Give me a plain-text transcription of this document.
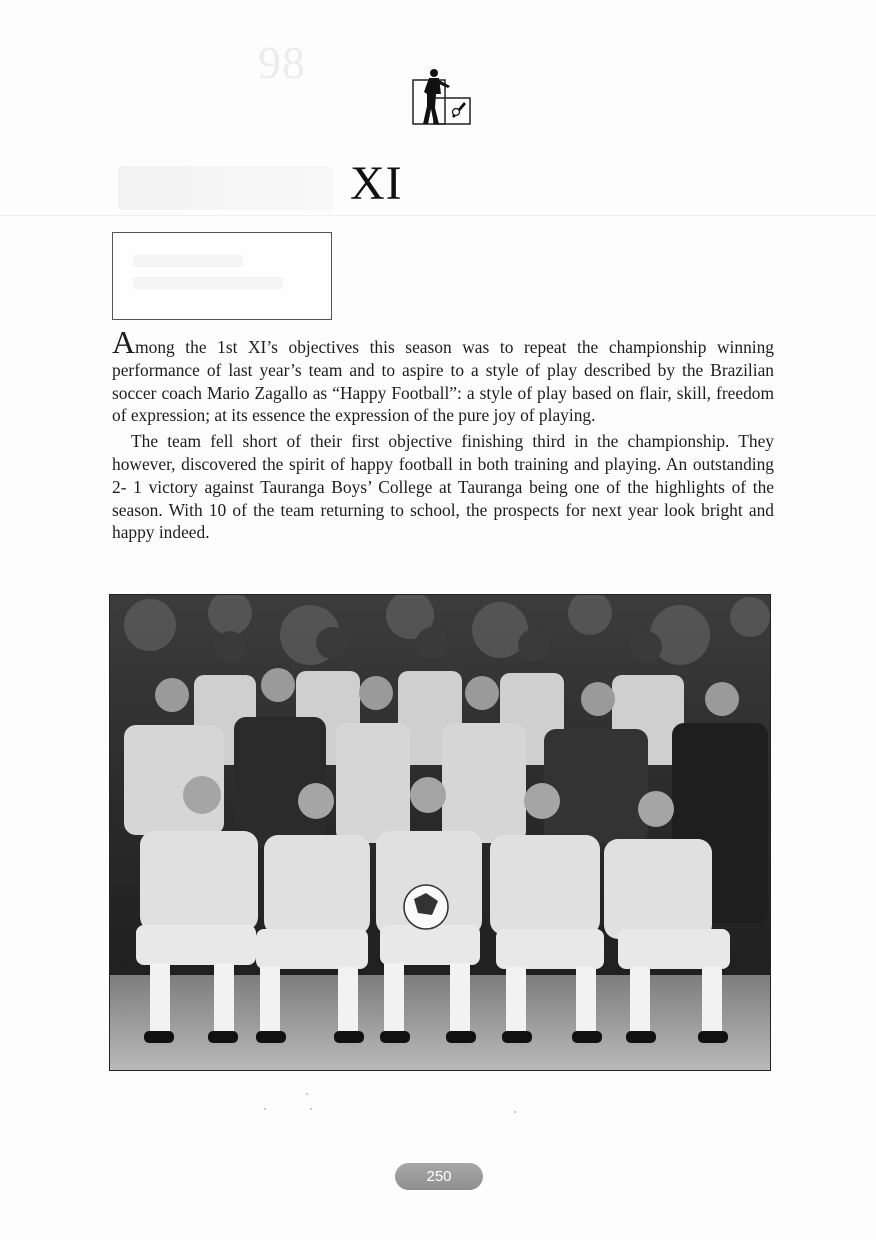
98
XI

Among the 1st XI’s objectives this season was to repeat the championship winning performance of last year’s team and to aspire to a style of play described by the Brazilian soccer coach Mario Zagallo as “Happy Football”: a style of play based on flair, skill, freedom of expression; at its essence the expression of the pure joy of playing.

The team fell short of their first objective finishing third in the championship. They however, discovered the spirit of happy football in both training and playing. An outstanding 2- 1 victory against Tauranga Boys’ College at Tauranga being one of the highlights of the season. With 10 of the team returning to school, the prospects for next year look bright and happy indeed.

250
